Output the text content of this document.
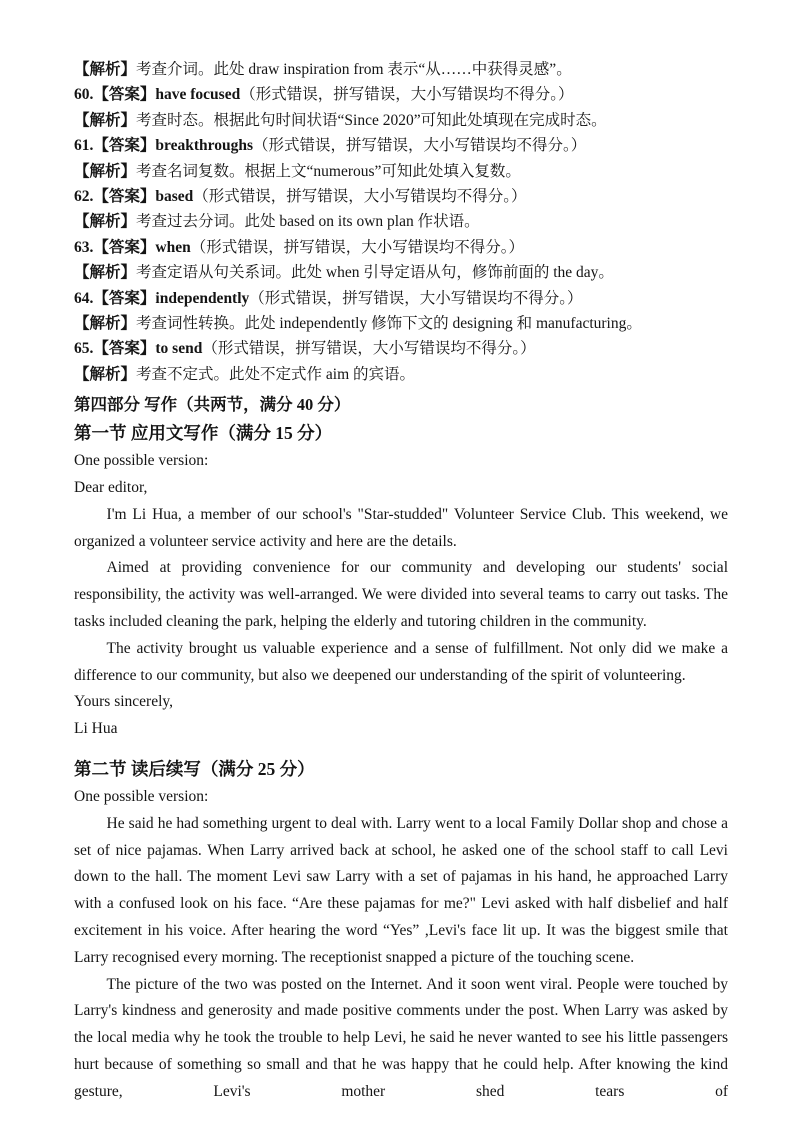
【解析】考查介词。此处 draw inspiration from 表示“从……中获得灵感”。

60.【答案】have focused（形式错误，拼写错误，大小写错误均不得分。）

【解析】考查时态。根据此句时间状语“Since 2020”可知此处填现在完成时态。

61.【答案】breakthroughs（形式错误，拼写错误，大小写错误均不得分。）

【解析】考查名词复数。根据上文“numerous”可知此处填入复数。

62.【答案】based（形式错误，拼写错误，大小写错误均不得分。）

【解析】考查过去分词。此处 based on its own plan 作状语。

63.【答案】when（形式错误，拼写错误，大小写错误均不得分。）

【解析】考查定语从句关系词。此处 when 引导定语从句，修饰前面的 the day。

64.【答案】independently（形式错误，拼写错误，大小写错误均不得分。）

【解析】考查词性转换。此处 independently 修饰下文的 designing 和 manufacturing。

65.【答案】to send（形式错误，拼写错误，大小写错误均不得分。）

【解析】考查不定式。此处不定式作 aim 的宾语。

第四部分 写作（共两节，满分 40 分）
第一节 应用文写作（满分 15 分）

One possible version:

Dear editor,

I'm Li Hua, a member of our school's "Star-studded" Volunteer Service Club. This weekend, we organized a volunteer service activity and here are the details.

Aimed at providing convenience for our community and developing our students' social responsibility, the activity was well-arranged. We were divided into several teams to carry out tasks. The tasks included cleaning the park, helping the elderly and tutoring children in the community.

The activity brought us valuable experience and a sense of fulfillment. Not only did we make a difference to our community, but also we deepened our understanding of the spirit of volunteering.

Yours sincerely,

Li Hua

第二节 读后续写（满分 25 分）

One possible version:

He said he had something urgent to deal with. Larry went to a local Family Dollar shop and chose a set of nice pajamas. When Larry arrived back at school, he asked one of the school staff to call Levi down to the hall. The moment Levi saw Larry with a set of pajamas in his hand, he approached Larry with a confused look on his face. “Are these pajamas for me?" Levi asked with half disbelief and half excitement in his voice. After hearing the word “Yes” ,Levi's face lit up. It was the biggest smile that Larry recognised every morning. The receptionist snapped a picture of the touching scene.

The picture of the two was posted on the Internet. And it soon went viral. People were touched by Larry's kindness and generosity and made positive comments under the post. When Larry was asked by the local media why he took the trouble to help Levi, he said he never wanted to see his little passengers hurt because of something so small and that he was happy that he could help. After knowing the kind gesture, Levi's mother shed tears of
